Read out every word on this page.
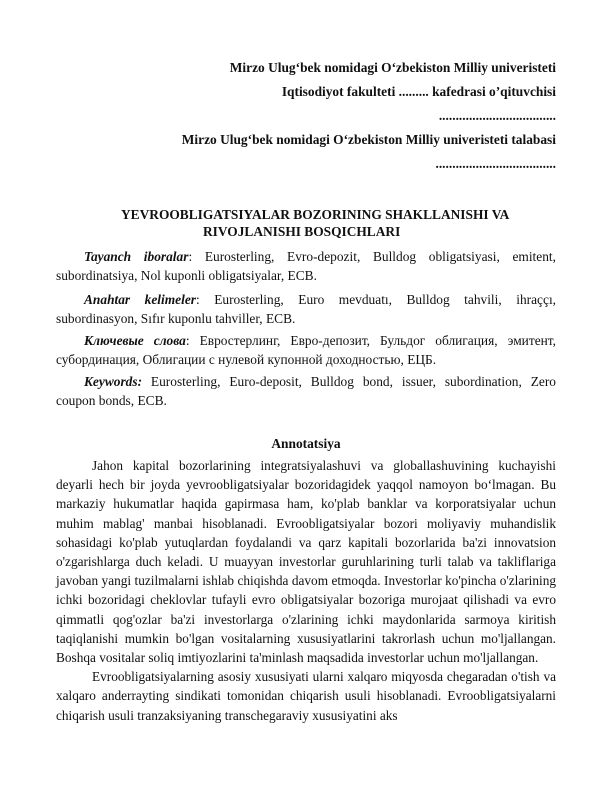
Mirzo Ulug‘bek nomidagi O‘zbekiston Milliy univeristeti
Iqtisodiyot fakulteti ......... kafedrasi o’qituvchisi
...................................
Mirzo Ulug‘bek nomidagi O‘zbekiston Milliy univeristeti talabasi
....................................
YEVROOBLIGATSIYALAR BOZORINING SHAKLLANISHI VA
RIVOJLANISHI BOSQICHLARI

Tayanch iboralar: Eurosterling, Evro-depozit, Bulldog obligatsiyasi, emitent, subordinatsiya, Nol kuponli obligatsiyalar, ECB.

Anahtar kelimeler: Eurosterling, Euro mevduatı, Bulldog tahvili, ihraççı, subordinasyon, Sıfır kuponlu tahviller, ECB.

Ключевые слова: Евростерлинг, Евро-депозит, Бульдог облигация, эмитент, субординация, Облигации с нулевой купонной доходностью, ЕЦБ.

Keywords: Eurosterling, Euro-deposit, Bulldog bond, issuer, subordination, Zero coupon bonds, ECB.

Annotatsiya

Jahon kapital bozorlarining integratsiyalashuvi va globallashuvining kuchayishi deyarli hech bir joyda yevroobligatsiyalar bozoridagidek yaqqol namoyon bo‘lmagan. Bu markaziy hukumatlar haqida gapirmasa ham, ko'plab banklar va korporatsiyalar uchun muhim mablag' manbai hisoblanadi. Evroobligatsiyalar bozori moliyaviy muhandislik sohasidagi ko'plab yutuqlardan foydalandi va qarz kapitali bozorlarida ba'zi innovatsion o'zgarishlarga duch keladi. U muayyan investorlar guruhlarining turli talab va takliflariga javoban yangi tuzilmalarni ishlab chiqishda davom etmoqda. Investorlar ko'pincha o'zlarining ichki bozoridagi cheklovlar tufayli evro obligatsiyalar bozoriga murojaat qilishadi va evro qimmatli qog'ozlar ba'zi investorlarga o'zlarining ichki maydonlarida sarmoya kiritish taqiqlanishi mumkin bo'lgan vositalarning xususiyatlarini takrorlash uchun mo'ljallangan. Boshqa vositalar soliq imtiyozlarini ta'minlash maqsadida investorlar uchun mo'ljallangan.

Evroobligatsiyalarning asosiy xususiyati ularni xalqaro miqyosda chegaradan o'tish va xalqaro anderrayting sindikati tomonidan chiqarish usuli hisoblanadi. Evroobligatsiyalarni chiqarish usuli tranzaksiyaning transchegaraviy xususiyatini aks
